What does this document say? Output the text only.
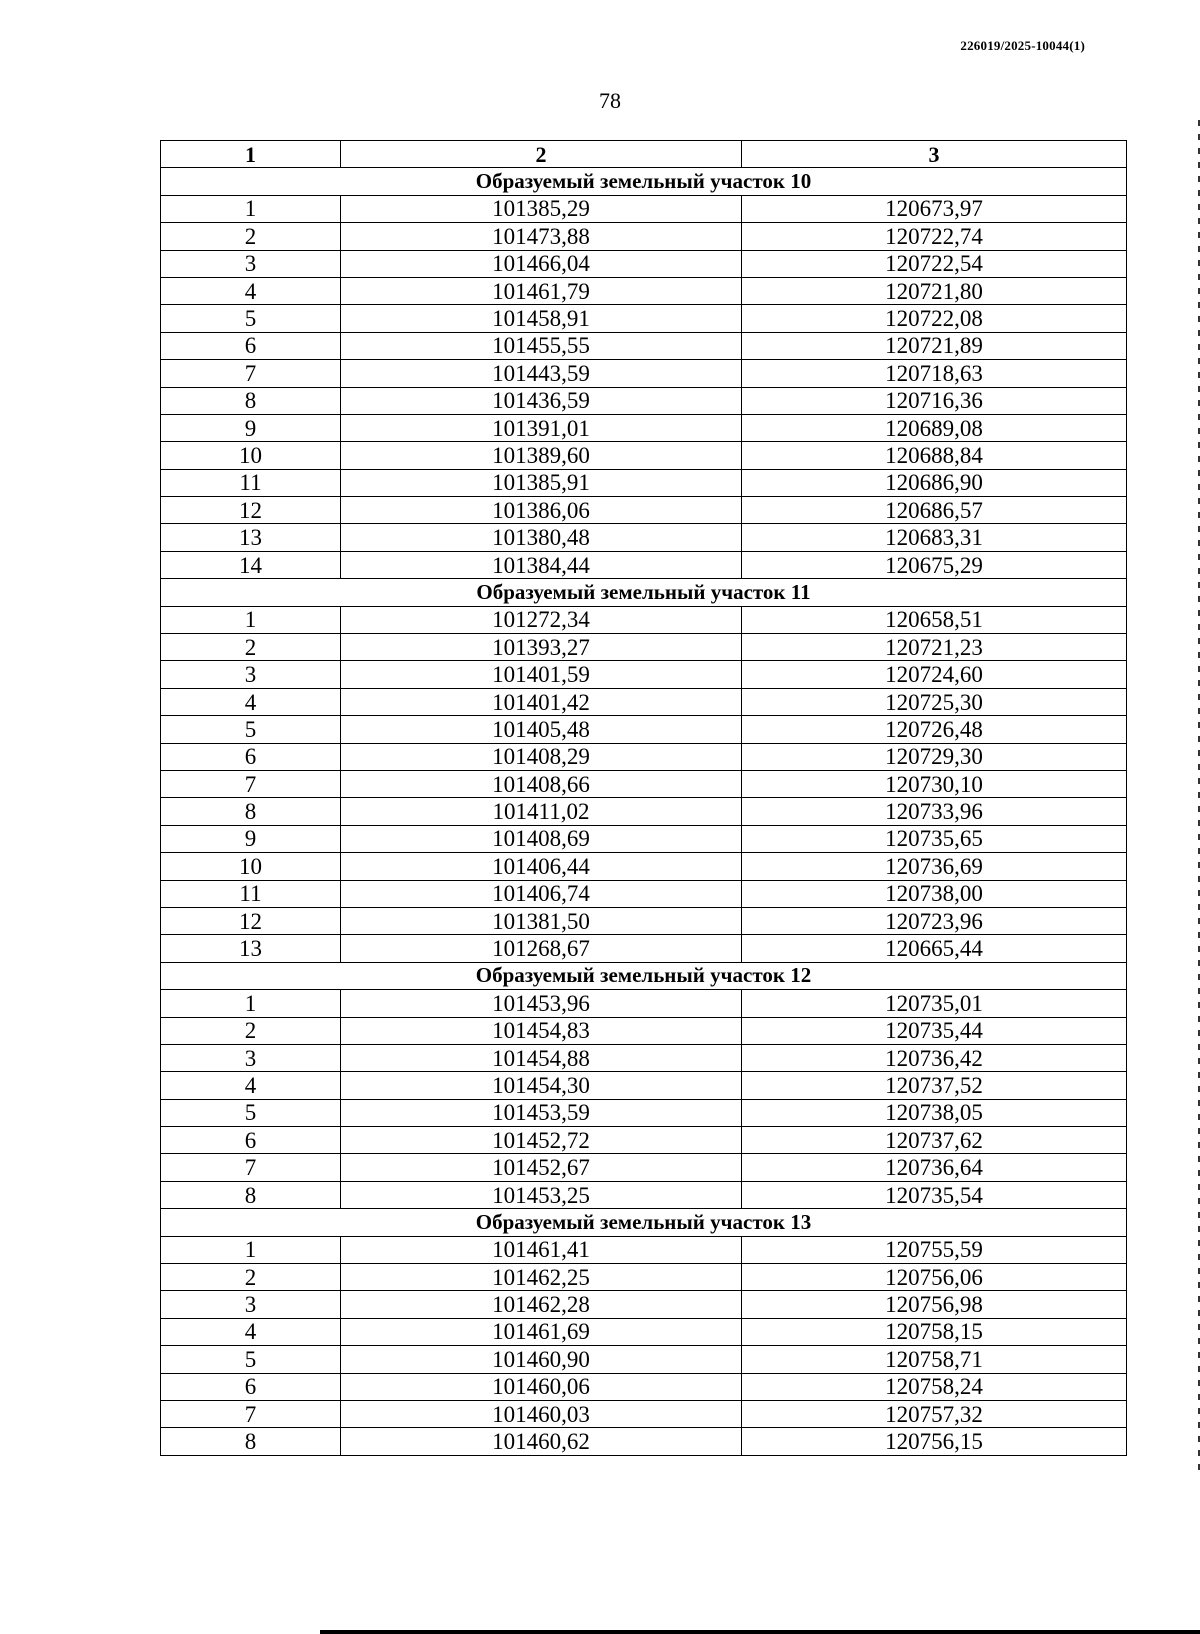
226019/2025-10044(1)
78
1	2	3
Образуемый земельный участок 10		
1	101385,29	120673,97
2	101473,88	120722,74
3	101466,04	120722,54
4	101461,79	120721,80
5	101458,91	120722,08
6	101455,55	120721,89
7	101443,59	120718,63
8	101436,59	120716,36
9	101391,01	120689,08
10	101389,60	120688,84
11	101385,91	120686,90
12	101386,06	120686,57
13	101380,48	120683,31
14	101384,44	120675,29
Образуемый земельный участок 11		
1	101272,34	120658,51
2	101393,27	120721,23
3	101401,59	120724,60
4	101401,42	120725,30
5	101405,48	120726,48
6	101408,29	120729,30
7	101408,66	120730,10
8	101411,02	120733,96
9	101408,69	120735,65
10	101406,44	120736,69
11	101406,74	120738,00
12	101381,50	120723,96
13	101268,67	120665,44
Образуемый земельный участок 12		
1	101453,96	120735,01
2	101454,83	120735,44
3	101454,88	120736,42
4	101454,30	120737,52
5	101453,59	120738,05
6	101452,72	120737,62
7	101452,67	120736,64
8	101453,25	120735,54
Образуемый земельный участок 13		
1	101461,41	120755,59
2	101462,25	120756,06
3	101462,28	120756,98
4	101461,69	120758,15
5	101460,90	120758,71
6	101460,06	120758,24
7	101460,03	120757,32
8	101460,62	120756,15
